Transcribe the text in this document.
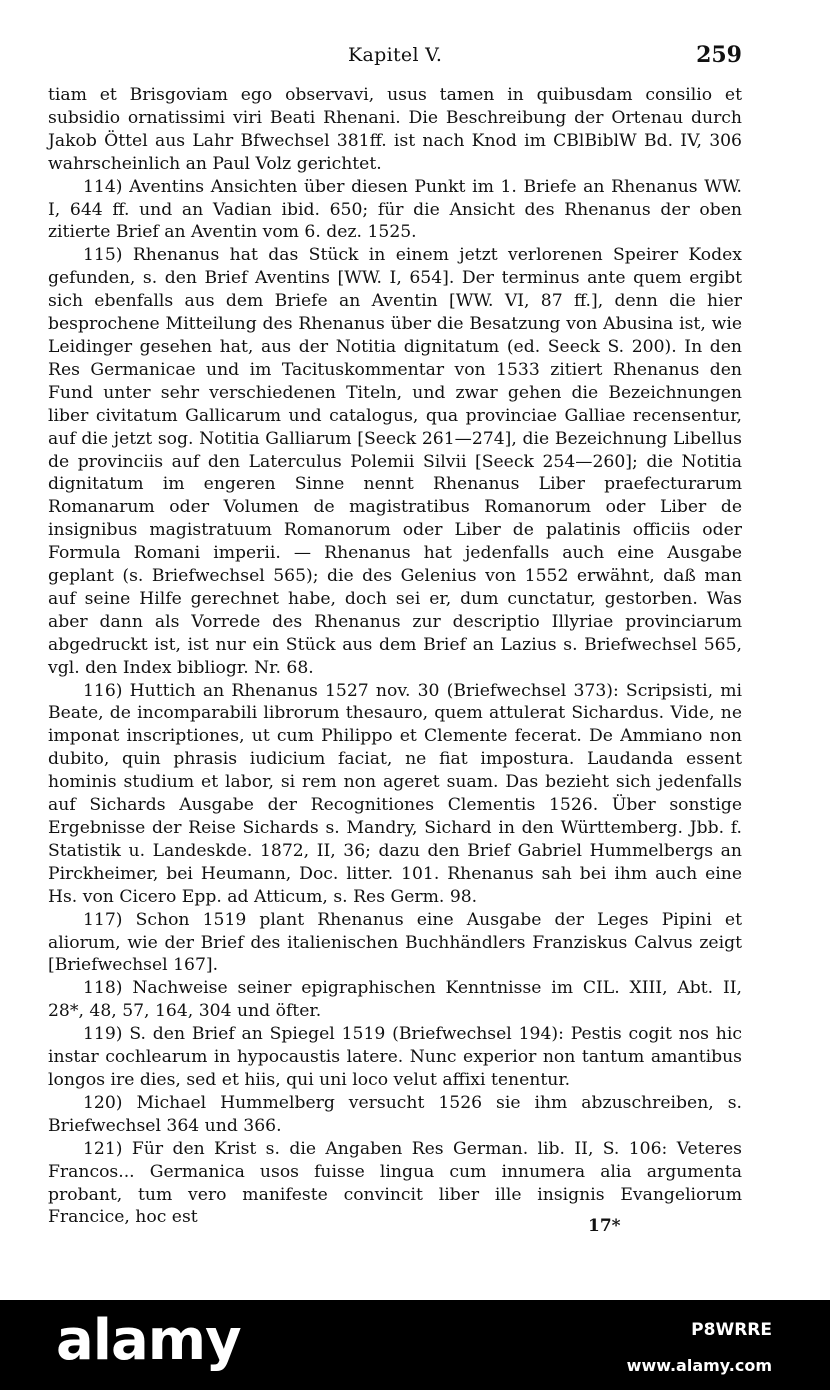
Kapitel V.	259

tiam et Brisgoviam ego observavi, usus tamen in quibusdam consilio et subsidio ornatissimi viri Beati Rhenani. Die Beschreibung der Ortenau durch Jakob Öttel aus Lahr Bfwechsel 381ff. ist nach Knod im CBlBiblW Bd. IV, 306 wahrscheinlich an Paul Volz gerichtet.

114) Aventins Ansichten über diesen Punkt im 1. Briefe an Rhenanus WW. I, 644 ff. und an Vadian ibid. 650; für die Ansicht des Rhenanus der oben zitierte Brief an Aventin vom 6. dez. 1525.

115) Rhenanus hat das Stück in einem jetzt verlorenen Speirer Kodex gefunden, s. den Brief Aventins [WW. I, 654]. Der terminus ante quem ergibt sich ebenfalls aus dem Briefe an Aventin [WW. VI, 87 ff.], denn die hier besprochene Mitteilung des Rhenanus über die Besatzung von Abusina ist, wie Leidinger gesehen hat, aus der Notitia dignitatum (ed. Seeck S. 200). In den Res Germanicae und im Tacituskommentar von 1533 zitiert Rhenanus den Fund unter sehr verschiedenen Titeln, und zwar gehen die Bezeichnungen liber civitatum Gallicarum und catalogus, qua provinciae Galliae recensentur, auf die jetzt sog. Notitia Galliarum [Seeck 261—274], die Bezeichnung Libellus de provinciis auf den Laterculus Polemii Silvii [Seeck 254—260]; die Notitia dignitatum im engeren Sinne nennt Rhenanus Liber praefecturarum Romanarum oder Volumen de magistratibus Romanorum oder Liber de insignibus magistratuum Romanorum oder Liber de palatinis officiis oder Formula Romani imperii. — Rhenanus hat jedenfalls auch eine Ausgabe geplant (s. Briefwechsel 565); die des Gelenius von 1552 erwähnt, daß man auf seine Hilfe gerechnet habe, doch sei er, dum cunctatur, gestorben. Was aber dann als Vorrede des Rhenanus zur descriptio Illyriae provinciarum abgedruckt ist, ist nur ein Stück aus dem Brief an Lazius s. Briefwechsel 565, vgl. den Index bibliogr. Nr. 68.

116) Huttich an Rhenanus 1527 nov. 30 (Briefwechsel 373): Scripsisti, mi Beate, de incomparabili librorum thesauro, quem attulerat Sichardus. Vide, ne imponat inscriptiones, ut cum Philippo et Clemente fecerat. De Ammiano non dubito, quin phrasis iudicium faciat, ne fiat impostura. Laudanda essent hominis studium et labor, si rem non ageret suam. Das bezieht sich jedenfalls auf Sichards Ausgabe der Recognitiones Clementis 1526. Über sonstige Ergebnisse der Reise Sichards s. Mandry, Sichard in den Württemberg. Jbb. f. Statistik u. Landeskde. 1872, II, 36; dazu den Brief Gabriel Hummelbergs an Pirckheimer, bei Heumann, Doc. litter. 101. Rhenanus sah bei ihm auch eine Hs. von Cicero Epp. ad Atticum, s. Res Germ. 98.

117) Schon 1519 plant Rhenanus eine Ausgabe der Leges Pipini et aliorum, wie der Brief des italienischen Buchhändlers Franziskus Calvus zeigt [Briefwechsel 167].

118) Nachweise seiner epigraphischen Kenntnisse im CIL. XIII, Abt. II, 28*, 48, 57, 164, 304 und öfter.

119) S. den Brief an Spiegel 1519 (Briefwechsel 194): Pestis cogit nos hic instar cochlearum in hypocaustis latere. Nunc experior non tantum amantibus longos ire dies, sed et hiis, qui uni loco velut affixi tenentur.

120) Michael Hummelberg versucht 1526 sie ihm abzuschreiben, s. Briefwechsel 364 und 366.

121) Für den Krist s. die Angaben Res German. lib. II, S. 106: Veteres Francos... Germanica usos fuisse lingua cum innumera alia argumenta probant, tum vero manifeste convincit liber ille insignis Evangeliorum Francice, hoc est	17*
alamy	P8WRRE
www.alamy.com
